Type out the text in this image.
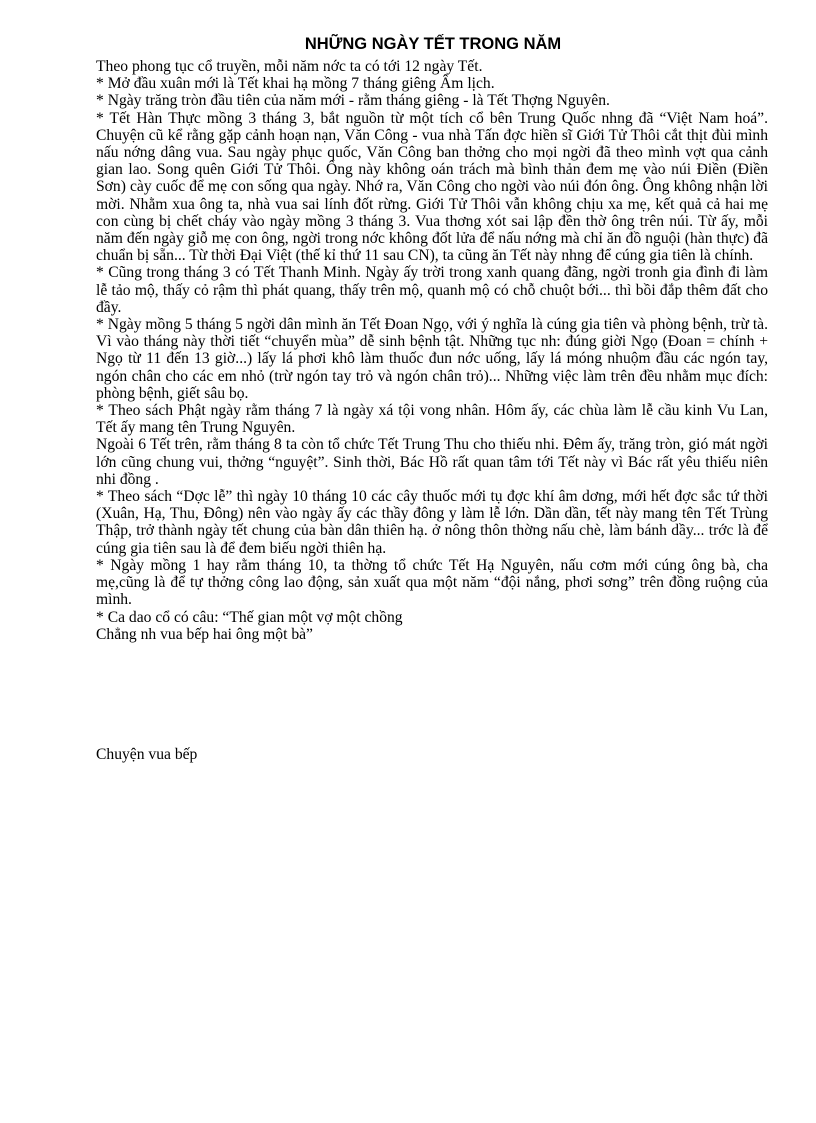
NHỮNG NGÀY TẾT TRONG NĂM

Theo phong tục cổ truyền, mỗi năm nớc ta có tới 12 ngày Tết.

* Mở đầu xuân mới là Tết khai hạ mồng 7 tháng giêng Âm lịch.

* Ngày trăng tròn đầu tiên của năm mới - rằm tháng giêng - là Tết Thợng Nguyên.

* Tết Hàn Thực mồng 3 tháng 3, bắt nguồn từ một tích cổ bên Trung Quốc nhng đã “Việt Nam hoá”. Chuyện cũ kể rằng gặp cảnh hoạn nạn, Văn Công - vua nhà Tấn đợc hiền sĩ Giới Tử Thôi cắt thịt đùi mình nấu nớng dâng vua. Sau ngày phục quốc, Văn Công ban thởng cho mọi ngời đã theo mình vợt qua cảnh gian lao. Song quên Giới Tử Thôi. Ông này không oán trách mà bình thản đem mẹ vào núi Điền (Điền Sơn) cày cuốc để mẹ con sống qua ngày. Nhớ ra, Văn Công cho ngời vào núi đón ông. Ông không nhận lời mời. Nhằm xua ông ta, nhà vua sai lính đốt rừng. Giới Tử Thôi vẫn không chịu xa mẹ, kết quả cả hai mẹ con cùng bị chết cháy vào ngày mồng 3 tháng 3. Vua thơng xót sai lập đền thờ ông trên núi. Từ ấy, mỗi năm đến ngày giỗ mẹ con ông, ngời trong nớc không đốt lửa để nấu nớng mà chỉ ăn đồ nguội (hàn thực) đã chuẩn bị sẵn... Từ thời Đại Việt (thế kỉ thứ 11 sau CN), ta cũng ăn Tết này nhng để cúng gia tiên là chính.

* Cũng trong tháng 3 có Tết Thanh Minh. Ngày ấy trời trong xanh quang đãng, ngời tronh gia đình đi làm lễ tảo mộ, thấy cỏ rậm thì phát quang, thấy trên mộ, quanh mộ có chỗ chuột bới... thì bồi đắp thêm đất cho đầy.

* Ngày mồng 5 tháng 5 ngời dân mình ăn Tết Đoan Ngọ, với ý nghĩa là cúng gia tiên và phòng bệnh, trừ tà. Vì vào tháng này thời tiết “chuyển mùa” dễ sinh bệnh tật. Những tục nh: đúng giời Ngọ (Đoan = chính + Ngọ từ 11 đến 13 giờ...) lấy lá phơi khô làm thuốc đun nớc uống, lấy lá móng nhuộm đầu các ngón tay, ngón chân cho các em nhỏ (trừ ngón tay trỏ và ngón chân trỏ)... Những việc làm trên đều nhằm mục đích: phòng bệnh, giết sâu bọ.

* Theo sách Phật ngày rằm tháng 7 là ngày xá tội vong nhân. Hôm ấy, các chùa làm lễ cầu kinh Vu Lan, Tết ấy mang tên Trung Nguyên.

Ngoài 6 Tết trên, rằm tháng 8 ta còn tổ chức Tết Trung Thu cho thiếu nhi. Đêm ấy, trăng tròn, gió mát ngời lớn cũng chung vui, thởng “nguyệt”. Sinh thời, Bác Hồ rất quan tâm tới Tết này vì Bác rất yêu thiếu niên nhi đồng .

* Theo sách “Dợc lễ” thì ngày 10 tháng 10 các cây thuốc mới tụ đợc khí âm dơng, mới hết đợc sắc tứ thời (Xuân, Hạ, Thu, Đông) nên vào ngày ấy các thầy đông y làm lễ lớn. Dần dần, tết này mang tên Tết Trùng Thập, trở thành ngày tết chung của bàn dân thiên hạ. ở nông thôn thờng nấu chè, làm bánh dầy... trớc là để cúng gia tiên sau là để đem biếu ngời thiên hạ.

* Ngày mồng 1 hay rằm tháng 10, ta thờng tổ chức Tết Hạ Nguyên, nấu cơm mới cúng ông bà, cha mẹ,cũng là để tự thởng công lao động, sản xuất qua một năm “đội nắng, phơi sơng” trên đồng ruộng của mình.

* Ca dao cổ có câu: “Thế gian một vợ một chồng

Chẳng nh vua bếp hai ông một bà”

Chuyện vua bếp
